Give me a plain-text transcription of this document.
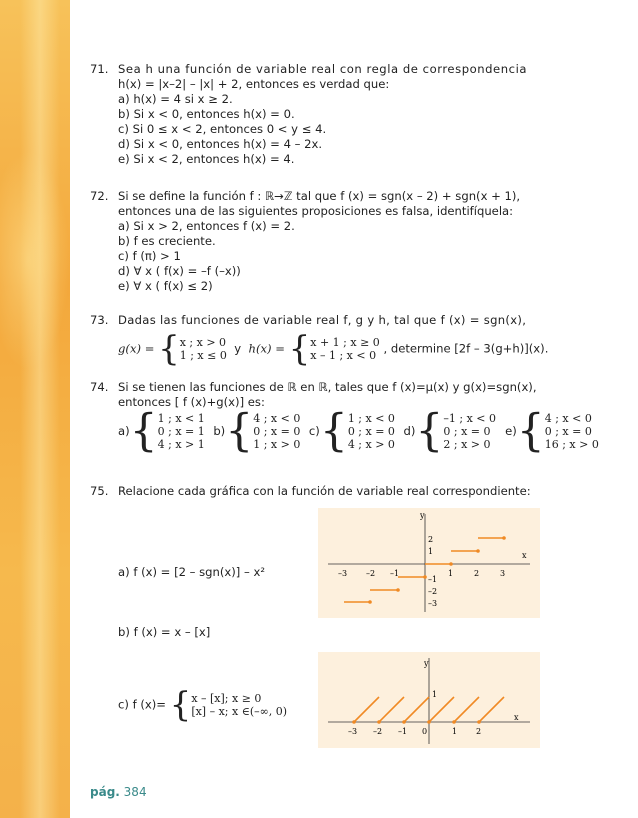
71. Sea h una función de variable real con regla de correspondencia
h(x) = |x–2| – |x| + 2, entonces es verdad que:
a) h(x) = 4 si x ≥ 2.
b) Si x < 0, entonces h(x) = 0.
c) Si 0 ≤ x < 2, entonces 0 < y ≤ 4.
d) Si x < 0, entonces h(x) = 4 – 2x.
e) Si x < 2, entonces h(x) = 4.
72. Si se define la función f : ℝ→ℤ tal que f (x) = sgn(x – 2) + sgn(x + 1),
entonces una de las siguientes proposiciones es falsa, identifíquela:
a) Si x > 2, entonces f (x) = 2.
b) f es creciente.
c) f (π) > 1
d) ∀ x ( f(x) = –f (–x))
e) ∀ x ( f(x) ≤ 2)
73. Dadas las funciones de variable real f, g y h, tal que f (x) = sgn(x),
g(x) = {x ; x > 0
1 ; x ≤ 0 y h(x) = {x + 1 ; x ≥ 0
x – 1 ; x < 0 , determine [2f – 3(g+h)](x).
74. Si se tienen las funciones de ℝ en ℝ, tales que f (x)=μ(x) y g(x)=sgn(x),
entonces [ f (x)+g(x)] es:
a){1 ; x < 1
0 ; x = 1
4 ; x > 1 b){4 ; x < 0
0 ; x = 0
1 ; x > 0 c){1 ; x < 0
0 ; x = 0
4 ; x > 0 d){–1 ; x < 0
0 ; x = 0
2 ; x > 0 e){4 ; x < 0
0 ; x = 0
16 ; x > 0
75. Relacione cada gráfica con la función de variable real correspondiente:
a) f (x) = [2 – sgn(x)] – x²
b) f (x) = x – [x]
c) f (x)= {x – [x]; x ≥ 0
[x] – x; x ∈(–∞, 0)
x
y
–3 –2 –1	1	2	3
2
1
–1
–2
–3
x
y
–3 –2 –1 0	1 2
1
pág. 384
